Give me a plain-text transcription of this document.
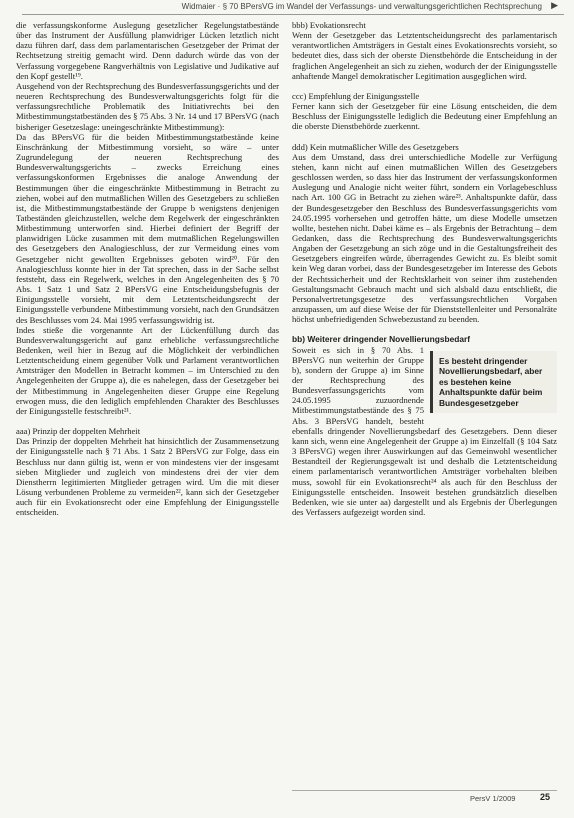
Widmaier · § 70 BPersVG im Wandel der Verfassungs- und verwaltungsgerichtlichen Rechtsprechung ▶

die verfassungskonforme Auslegung gesetzlicher Regelungstatbestände über das Instrument der Ausfüllung planwidriger Lücken letztlich nicht dazu führen darf, dass dem parlamentarischen Gesetzgeber der Primat der Rechtsetzung streitig gemacht wird. Denn dadurch würde das von der Verfassung vorgegebene Rangverhältnis von Legislative und Judikative auf den Kopf gestellt¹⁹.

Ausgehend von der Rechtsprechung des Bundesverfassungsgerichts und der neueren Rechtsprechung des Bundesverwaltungsgerichts folgt für die verfassungsrechtliche Problematik des Initiativrechts bei den Mitbestimmungstatbeständen des § 75 Abs. 3 Nr. 14 und 17 BPersVG (nach bisheriger Gesetzeslage: uneingeschränkte Mitbestimmung):

Da das BPersVG für die beiden Mitbestimmungstatbestände keine Einschränkung der Mitbestimmung vorsieht, so wäre – unter Zugrundelegung der neueren Rechtsprechung des Bundesverwaltungsgerichts – zwecks Erreichung eines verfassungskonformen Ergebnisses die analoge Anwendung der Bestimmungen über die eingeschränkte Mitbestimmung in Betracht zu ziehen, wobei auf den mutmaßlichen Willen des Gesetzgebers zu schließen ist, die Mitbestimmungstatbestände der Gruppe b wenigstens denjenigen Tatbeständen gleichzustellen, welche dem Regelwerk der eingeschränkten Mitbestimmung unterworfen sind. Hierbei definiert der Begriff der planwidrigen Lücke zusammen mit dem mutmaßlichen Regelungswillen des Gesetzgebers den Analogieschluss, der zur Vermeidung eines vom Gesetzgeber nicht gewollten Ergebnisses geboten wird²⁰. Für den Analogieschluss konnte hier in der Tat sprechen, dass in der Sache selbst feststeht, dass ein Regelwerk, welches in den Angelegenheiten des § 70 Abs. 1 Satz 1 und Satz 2 BPersVG eine Entscheidungsbefugnis der Einigungsstelle vorsieht, mit dem Letztentscheidungsrecht der Einigungsstelle verbundene Mitbestimmung vorsieht, nach den Grundsätzen des Beschlusses vom 24. Mai 1995 verfassungswidrig ist.

Indes stieße die vorgenannte Art der Lückenfüllung durch das Bundesverwaltungsgericht auf ganz erhebliche verfassungsrechtliche Bedenken, weil hier in Bezug auf die Möglichkeit der verbindlichen Letztentscheidung einem gegenüber Volk und Parlament verantwortlichen Amtsträger den Modellen in Betracht kommen – im Unterschied zu den Angelegenheiten der Gruppe a), die es nahelegen, dass der Gesetzgeber bei der Mitbestimmung in Angelegenheiten dieser Gruppe eine Regelung erwogen muss, die den lediglich empfehlenden Charakter des Beschlusses der Einigungsstelle festschreibt²¹.

aaa) Prinzip der doppelten Mehrheit

Das Prinzip der doppelten Mehrheit hat hinsichtlich der Zusammensetzung der Einigungsstelle nach § 71 Abs. 1 Satz 2 BPersVG zur Folge, dass ein Beschluss nur dann gültig ist, wenn er von mindestens vier der insgesamt sieben Mitglieder und zugleich von mindestens drei der vier dem Dienstherrn legitimierten Mitglieder getragen wird. Um die mit dieser Lösung verbundenen Probleme zu vermeiden²², kann sich der Gesetzgeber auch für ein Evokationsrecht oder eine Empfehlung der Einigungsstelle entscheiden.

bbb) Evokationsrecht

Wenn der Gesetzgeber das Letztentscheidungsrecht des parlamentarisch verantwortlichen Amtsträgers in Gestalt eines Evokationsrechts vorsieht, so bedeutet dies, dass sich der oberste Dienstbehörde die Entscheidung in der fraglichen Angelegenheit an sich zu ziehen, wodurch der der Einigungsstelle anhaftende Mangel demokratischer Legitimation ausgeglichen wird.

ccc) Empfehlung der Einigungsstelle

Ferner kann sich der Gesetzgeber für eine Lösung entscheiden, die dem Beschluss der Einigungsstelle lediglich die Bedeutung einer Empfehlung an die oberste Dienstbehörde zuerkennt.

ddd) Kein mutmaßlicher Wille des Gesetzgebers

Aus dem Umstand, dass drei unterschiedliche Modelle zur Verfügung stehen, kann nicht auf einen mutmaßlichen Willen des Gesetzgebers geschlossen werden, so dass hier das Instrument der verfassungskonformen Auslegung und Analogie nicht weiter führt, sondern ein Vorlagebeschluss nach Art. 100 GG in Betracht zu ziehen wäre²³. Anhaltspunkte dafür, dass der Bundesgesetzgeber den Beschluss des Bundesverfassungsgerichts vom 24.05.1995 vorhersehen und getroffen hätte, um diese Modelle umsetzen wollte, bestehen nicht. Dabei käme es – als Ergebnis der Betrachtung – dem Gedanken, dass die Rechtsprechung des Bundesverwaltungsgerichts Angaben der Gesetzgebung an sich zöge und in die Gestaltungsfreiheit des Gesetzgebers eingreifen würde, überragendes Gewicht zu. Es bleibt somit kein Weg daran vorbei, dass der Bundesgesetzgeber im Interesse des Gebots der Rechtssicherheit und der Rechtsklarheit von seiner ihm zustehenden Gestaltungsmacht Gebrauch macht und sich alsbald dazu entschließt, die Personalvertretungsgesetze des verfassungsrechtlichen Vorgaben anzupassen, um auf diese Weise der für Dienststellenleiter und Personalräte höchst unbefriedigenden Schwebezustand zu beenden.

bb) Weiterer dringender Novellierungsbedarf

Es besteht dringender Novellierungsbedarf, aber es bestehen keine Anhaltspunkte dafür beim Bundesgesetzgeber
Soweit es sich in § 70 Abs. 1 BPersVG nun weiterhin der Gruppe b), sondern der Gruppe a) im Sinne der Rechtsprechung des Bundesverfassungsgerichts vom 24.05.1995 zuzuordnende Mitbestimmungstatbestände des § 75 Abs. 3 BPersVG handelt, besteht ebenfalls dringender Novellierungsbedarf des Gesetzgebers. Denn dieser kann sich, wenn eine Angelegenheit der Gruppe a) im Einzelfall (§ 104 Satz 3 BPersVG) wegen ihrer Auswirkungen auf das Gemeinwohl wesentlicher Bestandteil der Regierungsgewalt ist und deshalb die Letztentscheidung einem parlamentarisch verantwortlichen Amtsträger vorbehalten bleiben muss, sowohl für ein Evokationsrecht²⁴ als auch für den Beschluss der Einigungsstelle entscheiden. Insoweit bestehen grundsätzlich dieselben Bedenken, wie sie unter aa) dargestellt und als Ergebnis der Überlegungen des Verfassers aufgezeigt worden sind.

PersV 1/2009	25
